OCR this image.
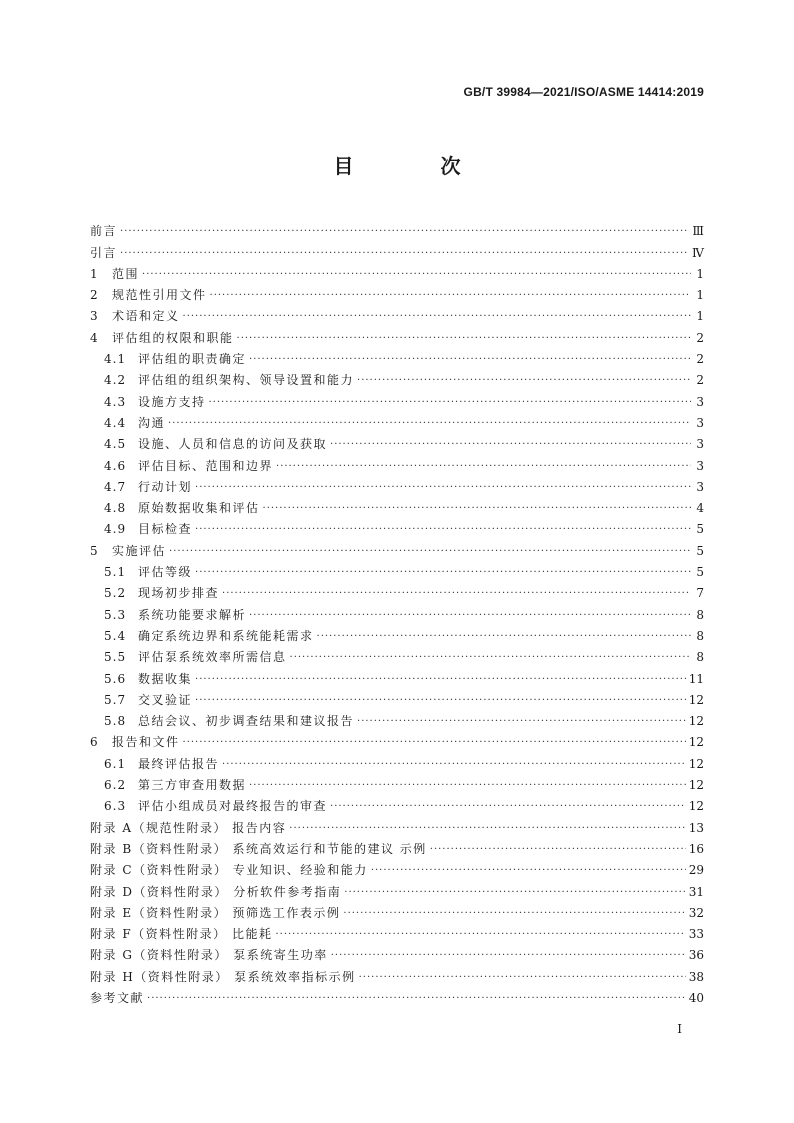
GB/T 39984—2021/ISO/ASME 14414:2019
目 次
前言 ·····	Ⅲ
引言 ·····	Ⅳ
1	范围 ·····	1
2	规范性引用文件 ·····	1
3	术语和定义 ·····	1
4	评估组的权限和职能 ·····	2
4.1 评估组的职责确定 ·····	2
4.2 评估组的组织架构、领导设置和能力 ·····	2
4.3 设施方支持 ·····	3
4.4 沟通 ·····	3
4.5 设施、人员和信息的访问及获取 ·····	3
4.6 评估目标、范围和边界 ·····	3
4.7 行动计划 ·····	3
4.8 原始数据收集和评估 ·····	4
4.9 目标检查 ·····	5
5	实施评估 ·····	5
5.1 评估等级 ·····	5
5.2 现场初步排查 ·····	7
5.3 系统功能要求解析 ·····	8
5.4 确定系统边界和系统能耗需求 ·····	8
5.5 评估泵系统效率所需信息 ·····	8
5.6 数据收集 ·····	11
5.7 交叉验证 ·····	12
5.8 总结会议、初步调查结果和建议报告 ·····	12
6	报告和文件 ·····	12
6.1 最终评估报告 ·····	12
6.2 第三方审查用数据 ·····	12
6.3 评估小组成员对最终报告的审查 ·····	12
附录 A（规范性附录） 报告内容 ·····	13
附录 B（资料性附录） 系统高效运行和节能的建议 示例 ·····	16
附录 C（资料性附录） 专业知识、经验和能力 ·····	29
附录 D（资料性附录） 分析软件参考指南 ·····	31
附录 E（资料性附录） 预筛选工作表示例 ·····	32
附录 F（资料性附录） 比能耗 ·····	33
附录 G（资料性附录） 泵系统寄生功率 ·····	36
附录 H（资料性附录） 泵系统效率指标示例 ·····	38
参考文献 ·····	40
I
